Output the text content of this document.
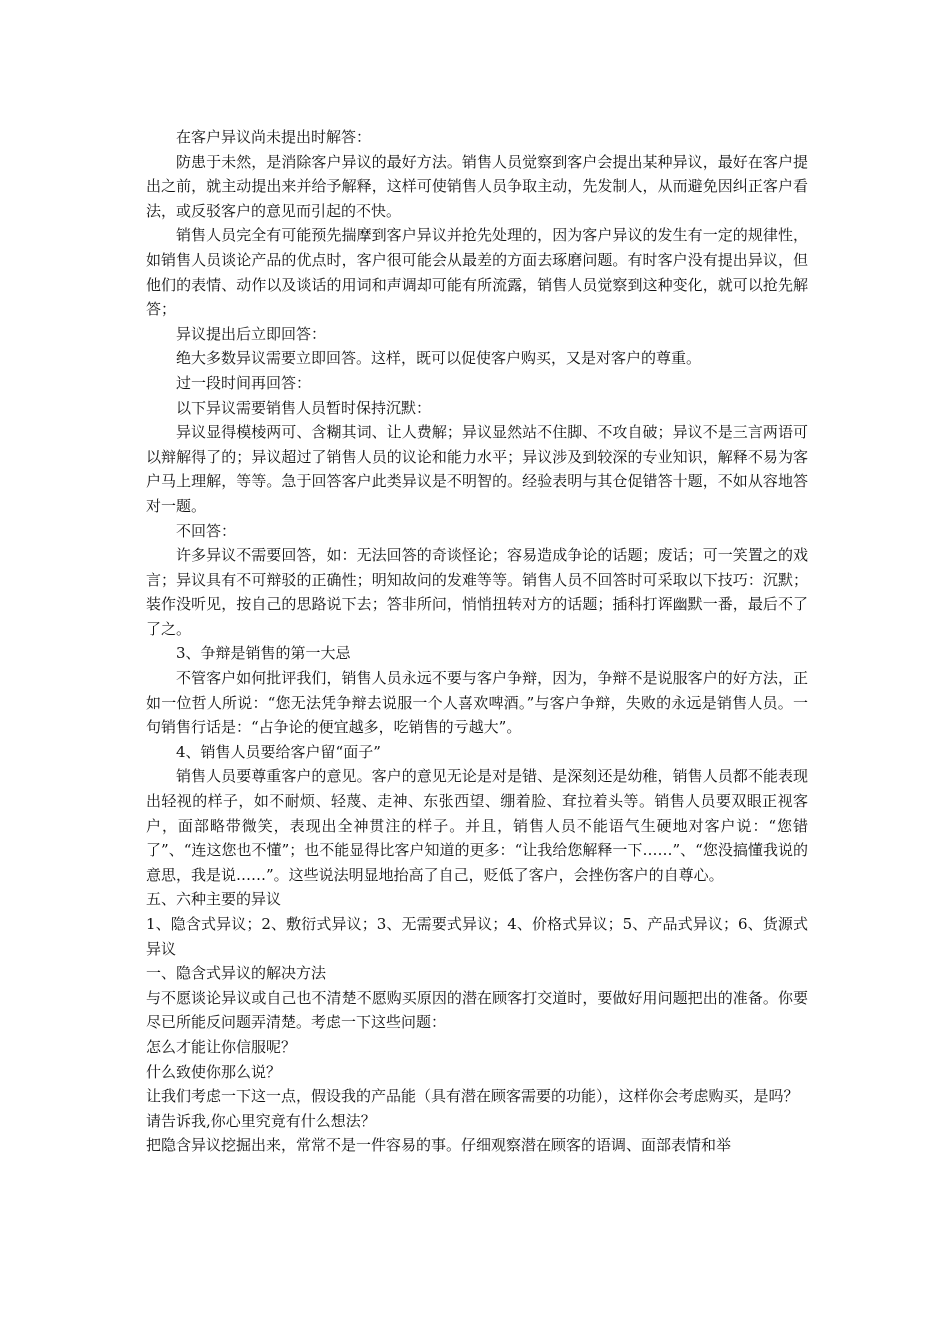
在客户异议尚未提出时解答：

防患于未然，是消除客户异议的最好方法。销售人员觉察到客户会提出某种异议，最好在客户提出之前，就主动提出来并给予解释，这样可使销售人员争取主动，先发制人，从而避免因纠正客户看法，或反驳客户的意见而引起的不快。

销售人员完全有可能预先揣摩到客户异议并抢先处理的，因为客户异议的发生有一定的规律性，如销售人员谈论产品的优点时，客户很可能会从最差的方面去琢磨问题。有时客户没有提出异议，但他们的表情、动作以及谈话的用词和声调却可能有所流露，销售人员觉察到这种变化，就可以抢先解答；

异议提出后立即回答：

绝大多数异议需要立即回答。这样，既可以促使客户购买，又是对客户的尊重。

过一段时间再回答：

以下异议需要销售人员暂时保持沉默：

异议显得模棱两可、含糊其词、让人费解；异议显然站不住脚、不攻自破；异议不是三言两语可以辩解得了的；异议超过了销售人员的议论和能力水平；异议涉及到较深的专业知识，解释不易为客户马上理解，等等。急于回答客户此类异议是不明智的。经验表明与其仓促错答十题，不如从容地答对一题。

不回答：

许多异议不需要回答，如：无法回答的奇谈怪论；容易造成争论的话题；废话；可一笑置之的戏言；异议具有不可辩驳的正确性；明知故问的发难等等。销售人员不回答时可采取以下技巧：沉默；装作没听见，按自己的思路说下去；答非所问，悄悄扭转对方的话题；插科打诨幽默一番，最后不了了之。

3、争辩是销售的第一大忌

不管客户如何批评我们，销售人员永远不要与客户争辩，因为，争辩不是说服客户的好方法，正如一位哲人所说：“您无法凭争辩去说服一个人喜欢啤酒。”与客户争辩，失败的永远是销售人员。一句销售行话是：“占争论的便宜越多，吃销售的亏越大”。

4、销售人员要给客户留“面子”

销售人员要尊重客户的意见。客户的意见无论是对是错、是深刻还是幼稚，销售人员都不能表现出轻视的样子，如不耐烦、轻蔑、走神、东张西望、绷着脸、耷拉着头等。销售人员要双眼正视客户，面部略带微笑，表现出全神贯注的样子。并且，销售人员不能语气生硬地对客户说：“您错了”、“连这您也不懂”；也不能显得比客户知道的更多：“让我给您解释一下……”、“您没搞懂我说的意思，我是说……”。这些说法明显地抬高了自己，贬低了客户，会挫伤客户的自尊心。

五、六种主要的异议

1、隐含式异议；2、敷衍式异议；3、无需要式异议；4、价格式异议；5、产品式异议；6、货源式异议

一、隐含式异议的解决方法

与不愿谈论异议或自己也不清楚不愿购买原因的潜在顾客打交道时，要做好用问题把出的准备。你要尽已所能反问题弄清楚。考虑一下这些问题：

怎么才能让你信服呢？

什么致使你那么说？

让我们考虑一下这一点，假设我的产品能（具有潜在顾客需要的功能），这样你会考虑购买，是吗？

请告诉我,你心里究竟有什么想法？

把隐含异议挖掘出来，常常不是一件容易的事。仔细观察潜在顾客的语调、面部表情和举
